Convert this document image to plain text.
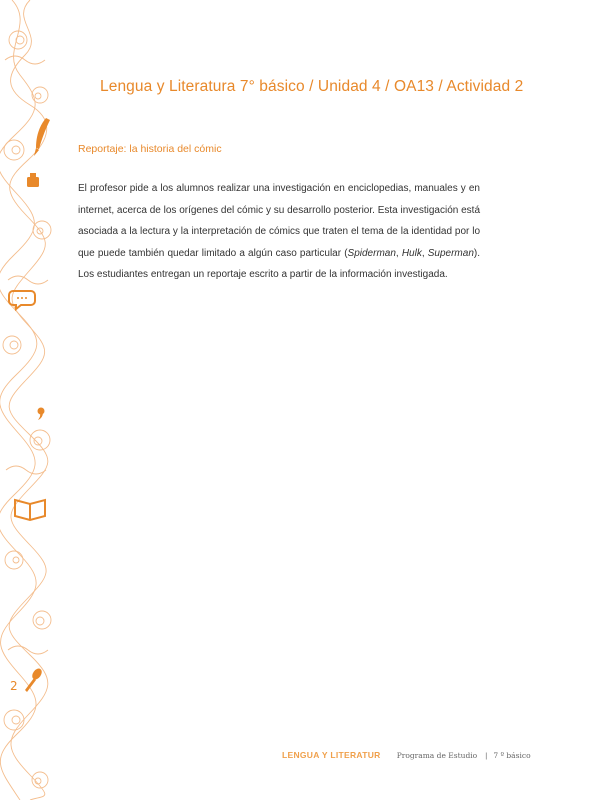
2
Lengua y Literatura 7° básico / Unidad 4 / OA13 / Actividad 2
Reportaje: la historia del cómic
El profesor pide a los alumnos realizar una investigación en enciclopedias, manuales y en internet, acerca de los orígenes del cómic y su desarrollo posterior. Esta investigación está asociada a la lectura y la interpretación de cómics que traten el tema de la identidad por lo que puede también quedar limitado a algún caso particular (Spiderman, Hulk, Superman). Los estudiantes entregan un reportaje escrito a partir de la información investigada.
LENGUA Y LITERATUR Programa de Estudio | 7 º básico
